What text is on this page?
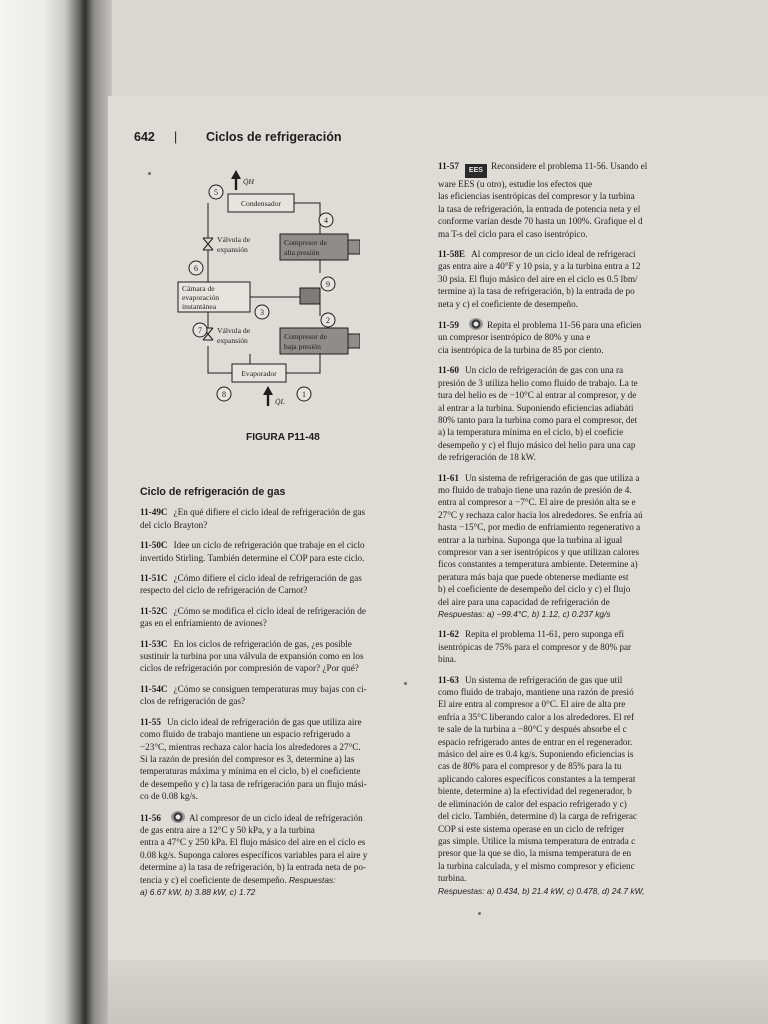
642 | Ciclos de refrigeración
5
4
6
9
3
2
7
8	1
Condensador
Válvula de
expansión
Cámara de
evaporación
instantánea
Válvula de
expansión
Evaporador
Compresor de
alta presión
Compresor de
baja presión
Q̇H
Q̇L
FIGURA P11-48
Ciclo de refrigeración de gas
11-49C ¿En qué difiere el ciclo ideal de refrigeración de gas
del ciclo Brayton?
11-50C Idee un ciclo de refrigeración que trabaje en el ciclo
invertido Stirling. También determine el COP para este ciclo.
11-51C ¿Cómo difiere el ciclo ideal de refrigeración de gas
respecto del ciclo de refrigeración de Carnot?
11-52C ¿Cómo se modifica el ciclo ideal de refrigeración de
gas en el enfriamiento de aviones?
11-53C En los ciclos de refrigeración de gas, ¿es posible
sustituir la turbina por una válvula de expansión como en los
ciclos de refrigeración por compresión de vapor? ¿Por qué?
11-54C ¿Cómo se consiguen temperaturas muy bajas con ci-
clos de refrigeración de gas?
11-55 Un ciclo ideal de refrigeración de gas que utiliza aire
como fluido de trabajo mantiene un espacio refrigerado a
−23°C, mientras rechaza calor hacia los alrededores a 27°C.
Si la razón de presión del compresor es 3, determine a) las
temperaturas máxima y mínima en el ciclo, b) el coeficiente
de desempeño y c) la tasa de refrigeración para un flujo mási-
co de 0.08 kg/s.
11-56	Al compresor de un ciclo ideal de refrigeración
de gas entra aire a 12°C y 50 kPa, y a la turbina
entra a 47°C y 250 kPa. El flujo másico del aire en el ciclo es
0.08 kg/s. Suponga calores específicos variables para el aire y
determine a) la tasa de refrigeración, b) la entrada neta de po-
tencia y c) el coeficiente de desempeño. Respuestas:
a) 6.67 kW, b) 3.88 kW, c) 1.72
11-57 EES Reconsidere el problema 11-56. Usando el
ware EES (u otro), estudie los efectos que
las eficiencias isentrópicas del compresor y la turbina
la tasa de refrigeración, la entrada de potencia neta y el
conforme varían desde 70 hasta un 100%. Grafique el d
ma T-s del ciclo para el caso isentrópico.
11-58E Al compresor de un ciclo ideal de refrigeraci
gas entra aire a 40°F y 10 psia, y a la turbina entra a 12
30 psia. El flujo másico del aire en el ciclo es 0.5 lbm/
termine a) la tasa de refrigeración, b) la entrada de po
neta y c) el coeficiente de desempeño.
11-59	Repita el problema 11-56 para una eficien
un compresor isentrópico de 80% y una e
cia isentrópica de la turbina de 85 por ciento.
11-60 Un ciclo de refrigeración de gas con una ra
presión de 3 utiliza helio como fluido de trabajo. La te
tura del helio es de −10°C al entrar al compresor, y de
al entrar a la turbina. Suponiendo eficiencias adiabáti
80% tanto para la turbina como para el compresor, det
a) la temperatura mínima en el ciclo, b) el coeficie
desempeño y c) el flujo másico del helio para una cap
de refrigeración de 18 kW.
11-61 Un sistema de refrigeración de gas que utiliza a
mo fluido de trabajo tiene una razón de presión de 4.
entra al compresor a −7°C. El aire de presión alta se e
27°C y rechaza calor hacia los alrededores. Se enfría aú
hasta −15°C, por medio de enfriamiento regenerativo a
entrar a la turbina. Suponga que la turbina al igual
compresor van a ser isentrópicos y que utilizan calores
ficos constantes a temperatura ambiente. Determine a)
peratura más baja que puede obtenerse mediante est
b) el coeficiente de desempeño del ciclo y c) el flujo
del aire para una capacidad de refrigeración de
Respuestas: a) −99.4°C, b) 1.12, c) 0.237 kg/s
11-62 Repita el problema 11-61, pero suponga efi
isentrópicas de 75% para el compresor y de 80% par
bina.
11-63 Un sistema de refrigeración de gas que util
como fluido de trabajo, mantiene una razón de presió
El aire entra al compresor a 0°C. El aire de alta pre
enfría a 35°C liberando calor a los alrededores. El ref
te sale de la turbina a −80°C y después absorbe el c
espacio refrigerado antes de entrar en el regenerador.
másico del aire es 0.4 kg/s. Suponiendo eficiencias is
cas de 80% para el compresor y de 85% para la tu
aplicando calores específicos constantes a la temperat
biente, determine a) la efectividad del regenerador, b
de eliminación de calor del espacio refrigerado y c)
del ciclo. También, determine d) la carga de refrigerac
COP si este sistema operase en un ciclo de refriger
gas simple. Utilice la misma temperatura de entrada c
presor que la que se dio, la misma temperatura de en
la turbina calculada, y el mismo compresor y eficienc
turbina.
Respuestas: a) 0.434, b) 21.4 kW, c) 0.478, d) 24.7 kW,
